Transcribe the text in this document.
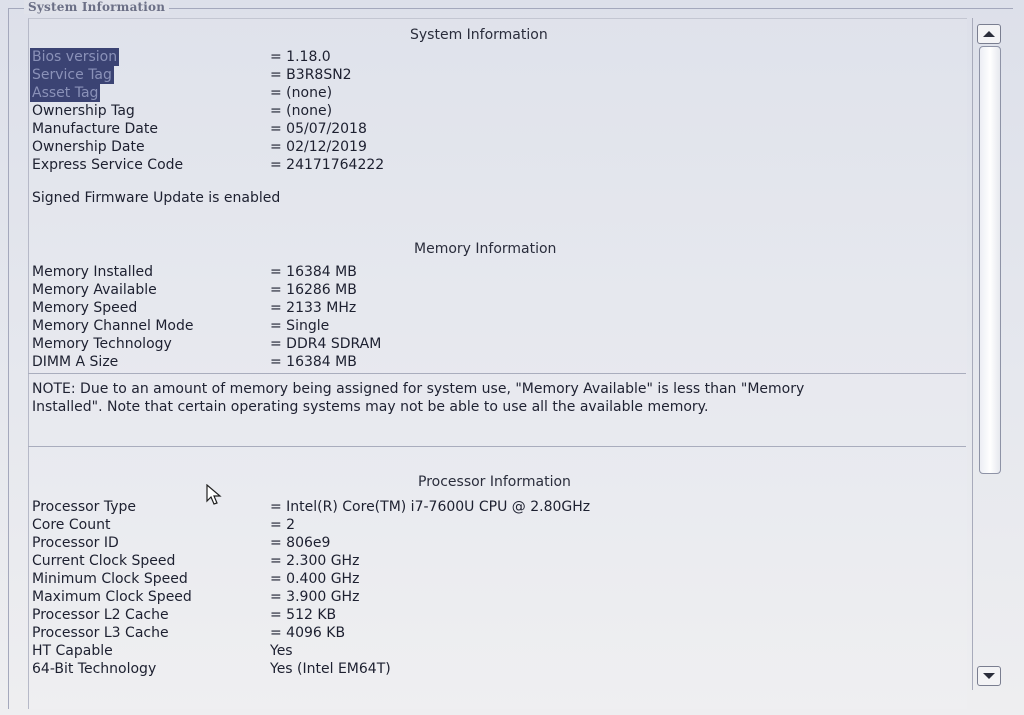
System Information
System Information
Bios version	= 1.18.0
Service Tag	= B3R8SN2
Asset Tag	= (none)
Ownership Tag	= (none)
Manufacture Date	= 05/07/2018
Ownership Date	= 02/12/2019
Express Service Code	= 24171764222
Signed Firmware Update is enabled
Memory Information
Memory Installed	= 16384 MB
Memory Available	= 16286 MB
Memory Speed	= 2133 MHz
Memory Channel Mode	= Single
Memory Technology	= DDR4 SDRAM
DIMM A Size	= 16384 MB
NOTE: Due to an amount of memory being assigned for system use, "Memory Available" is less than "Memory Installed". Note that certain operating systems may not be able to use all the available memory.
Processor Information
Processor Type	= Intel(R) Core(TM) i7-7600U CPU @ 2.80GHz
Core Count	= 2
Processor ID	= 806e9
Current Clock Speed	= 2.300 GHz
Minimum Clock Speed	= 0.400 GHz
Maximum Clock Speed	= 3.900 GHz
Processor L2 Cache	= 512 KB
Processor L3 Cache	= 4096 KB
HT Capable	Yes
64-Bit Technology	Yes (Intel EM64T)
